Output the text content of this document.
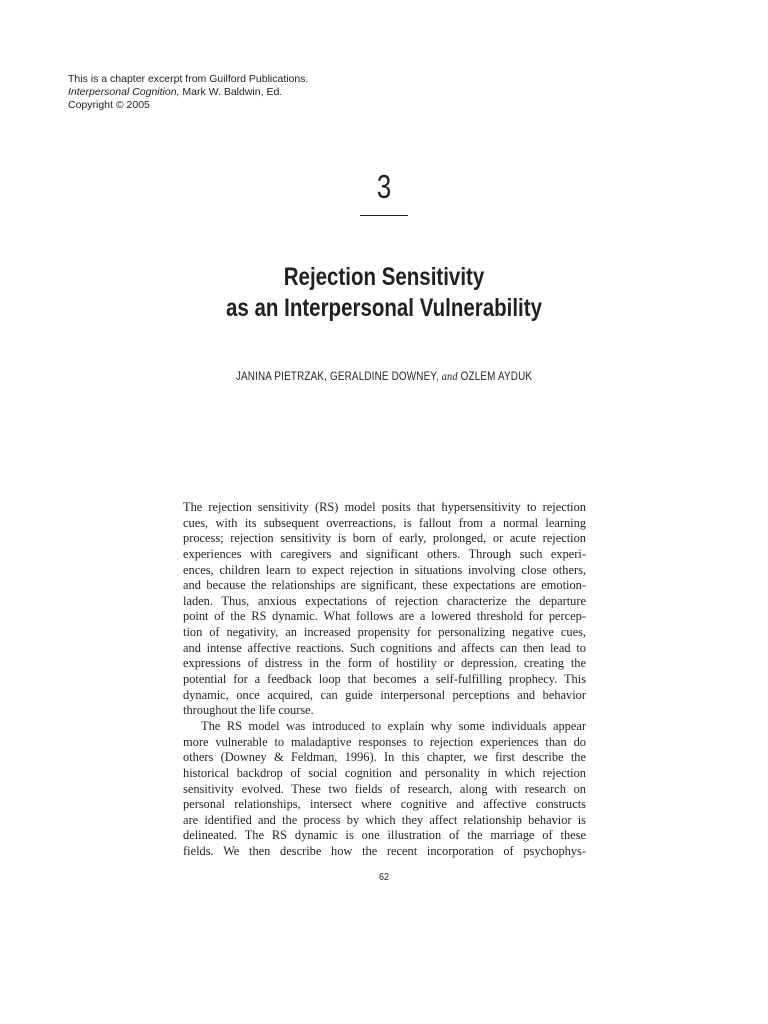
This is a chapter excerpt from Guilford Publications.
Interpersonal Cognition, Mark W. Baldwin, Ed.
Copyright © 2005
3
Rejection Sensitivity
as an Interpersonal Vulnerability
JANINA PIETRZAK, GERALDINE DOWNEY, and OZLEM AYDUK
The rejection sensitivity (RS) model posits that hypersensitivity to rejection
cues, with its subsequent overreactions, is fallout from a normal learning
process; rejection sensitivity is born of early, prolonged, or acute rejection
experiences with caregivers and significant others. Through such experi-
ences, children learn to expect rejection in situations involving close others,
and because the relationships are significant, these expectations are emotion-
laden. Thus, anxious expectations of rejection characterize the departure
point of the RS dynamic. What follows are a lowered threshold for percep-
tion of negativity, an increased propensity for personalizing negative cues,
and intense affective reactions. Such cognitions and affects can then lead to
expressions of distress in the form of hostility or depression, creating the
potential for a feedback loop that becomes a self-fulfilling prophecy. This
dynamic, once acquired, can guide interpersonal perceptions and behavior
throughout the life course.
The RS model was introduced to explain why some individuals appear
more vulnerable to maladaptive responses to rejection experiences than do
others (Downey & Feldman, 1996). In this chapter, we first describe the
historical backdrop of social cognition and personality in which rejection
sensitivity evolved. These two fields of research, along with research on
personal relationships, intersect where cognitive and affective constructs
are identified and the process by which they affect relationship behavior is
delineated. The RS dynamic is one illustration of the marriage of these
fields. We then describe how the recent incorporation of psychophys-
62
